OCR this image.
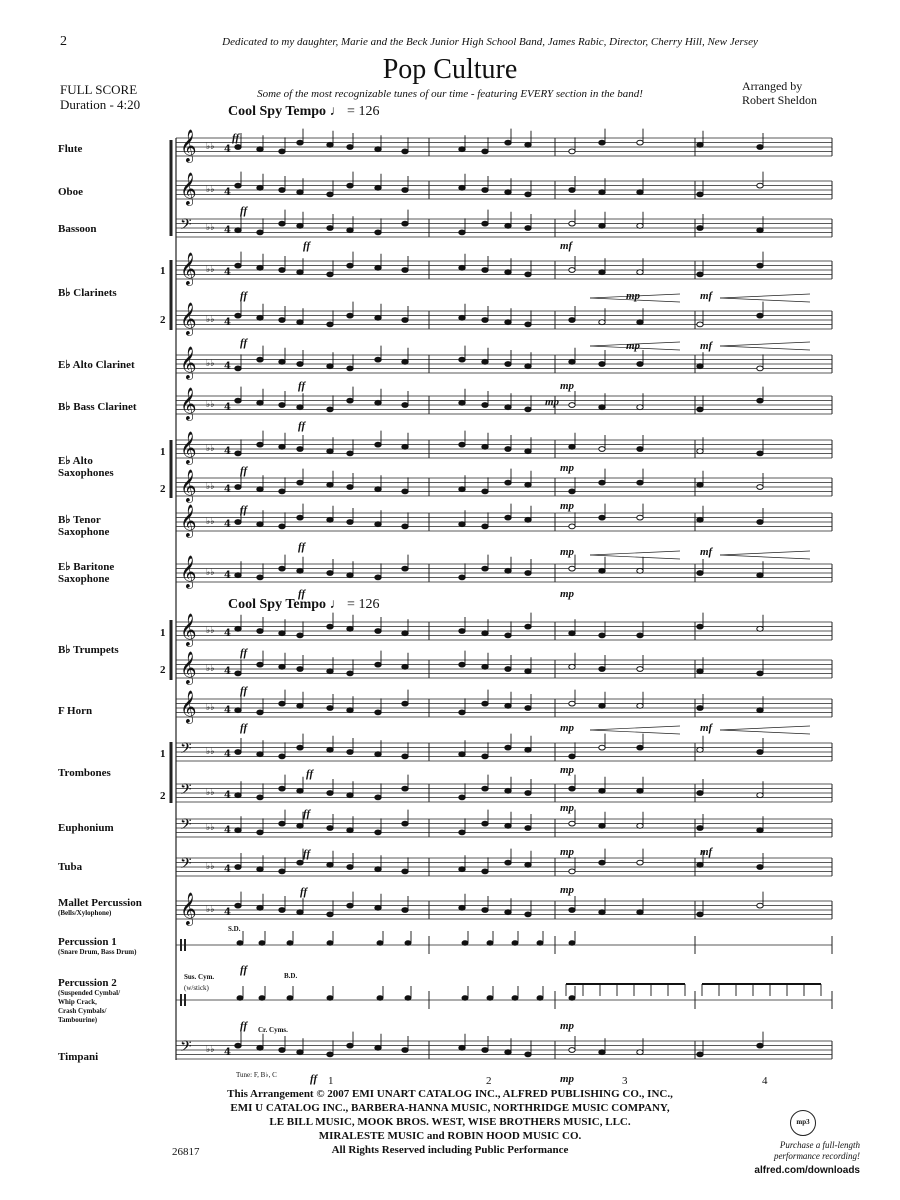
2	Dedicated to my daughter, Marie and the Beck Junior High School Band, James Rabic, Director, Cherry Hill, New Jersey
FULL SCORE
Duration - 4:20
Pop Culture
Some of the most recognizable tunes of our time - featuring EVERY section in the band!
Arranged by
Robert Sheldon
Cool Spy Tempo ♩ = 126
Cool Spy Tempo ♩ = 126
Flute
Oboe
Bassoon
B♭ Clarinets
E♭ Alto Clarinet
B♭ Bass Clarinet
E♭ Alto
Saxophones
B♭ Tenor
Saxophone
E♭ Baritone
Saxophone
B♭ Trumpets
F Horn
Trombones
Euphonium
Tuba
Mallet Percussion
(Bells/Xylophone)
Percussion 1
(Snare Drum, Bass Drum)
Percussion 2
(Suspended Cymbal/
Whip Crack,
Crash Cymbals/
Tambourine)
Timpani
1
2
1
2
1
2
1
2
𝄞 ♭♭ 4
𝄞 ♭♭ 4
𝄢 ♭♭ 4
𝄞 ♭♭ 4
𝄞 ♭♭ 4
𝄞 ♭♭ 4
𝄞 ♭♭ 4
𝄞 ♭♭ 4
𝄞 ♭♭ 4
𝄞 ♭♭ 4
𝄞 ♭♭ 4
𝄞 ♭♭ 4
𝄞 ♭♭ 4
𝄞 ♭♭ 4
𝄢 ♭♭ 4
𝄢 ♭♭ 4
𝄢 ♭♭ 4
𝄢 ♭♭ 4
𝄞 ♭♭ 4
𝄢 ♭♭ 4
ff
ff
ff
ff
ff
ff
ff
ff
ff
ff
ff
ff
ff
ff
ff
ff
ff
ff
ff
ff
ff
mf
mp	mf
mp	mf
mp
mp
mp
mp
mp	mf
mp
mp	mf
mp
mp
mp	mf
mp
mp
mp
S.D.
B.D.
Sus. Cym.
(w/stick)
Cr. Cyms.
Tune: F, B♭, C	1	2	3	4
This Arrangement © 2007 EMI UNART CATALOG INC., ALFRED PUBLISHING CO., INC.,
EMI U CATALOG INC., BARBERA-HANNA MUSIC, NORTHRIDGE MUSIC COMPANY,
LE BILL MUSIC, MOOK BROS. WEST, WISE BROTHERS MUSIC, LLC.
MIRALESTE MUSIC and ROBIN HOOD MUSIC CO.
All Rights Reserved including Public Performance
26817
mp3
Purchase a full-length
performance recording!
alfred.com/downloads
